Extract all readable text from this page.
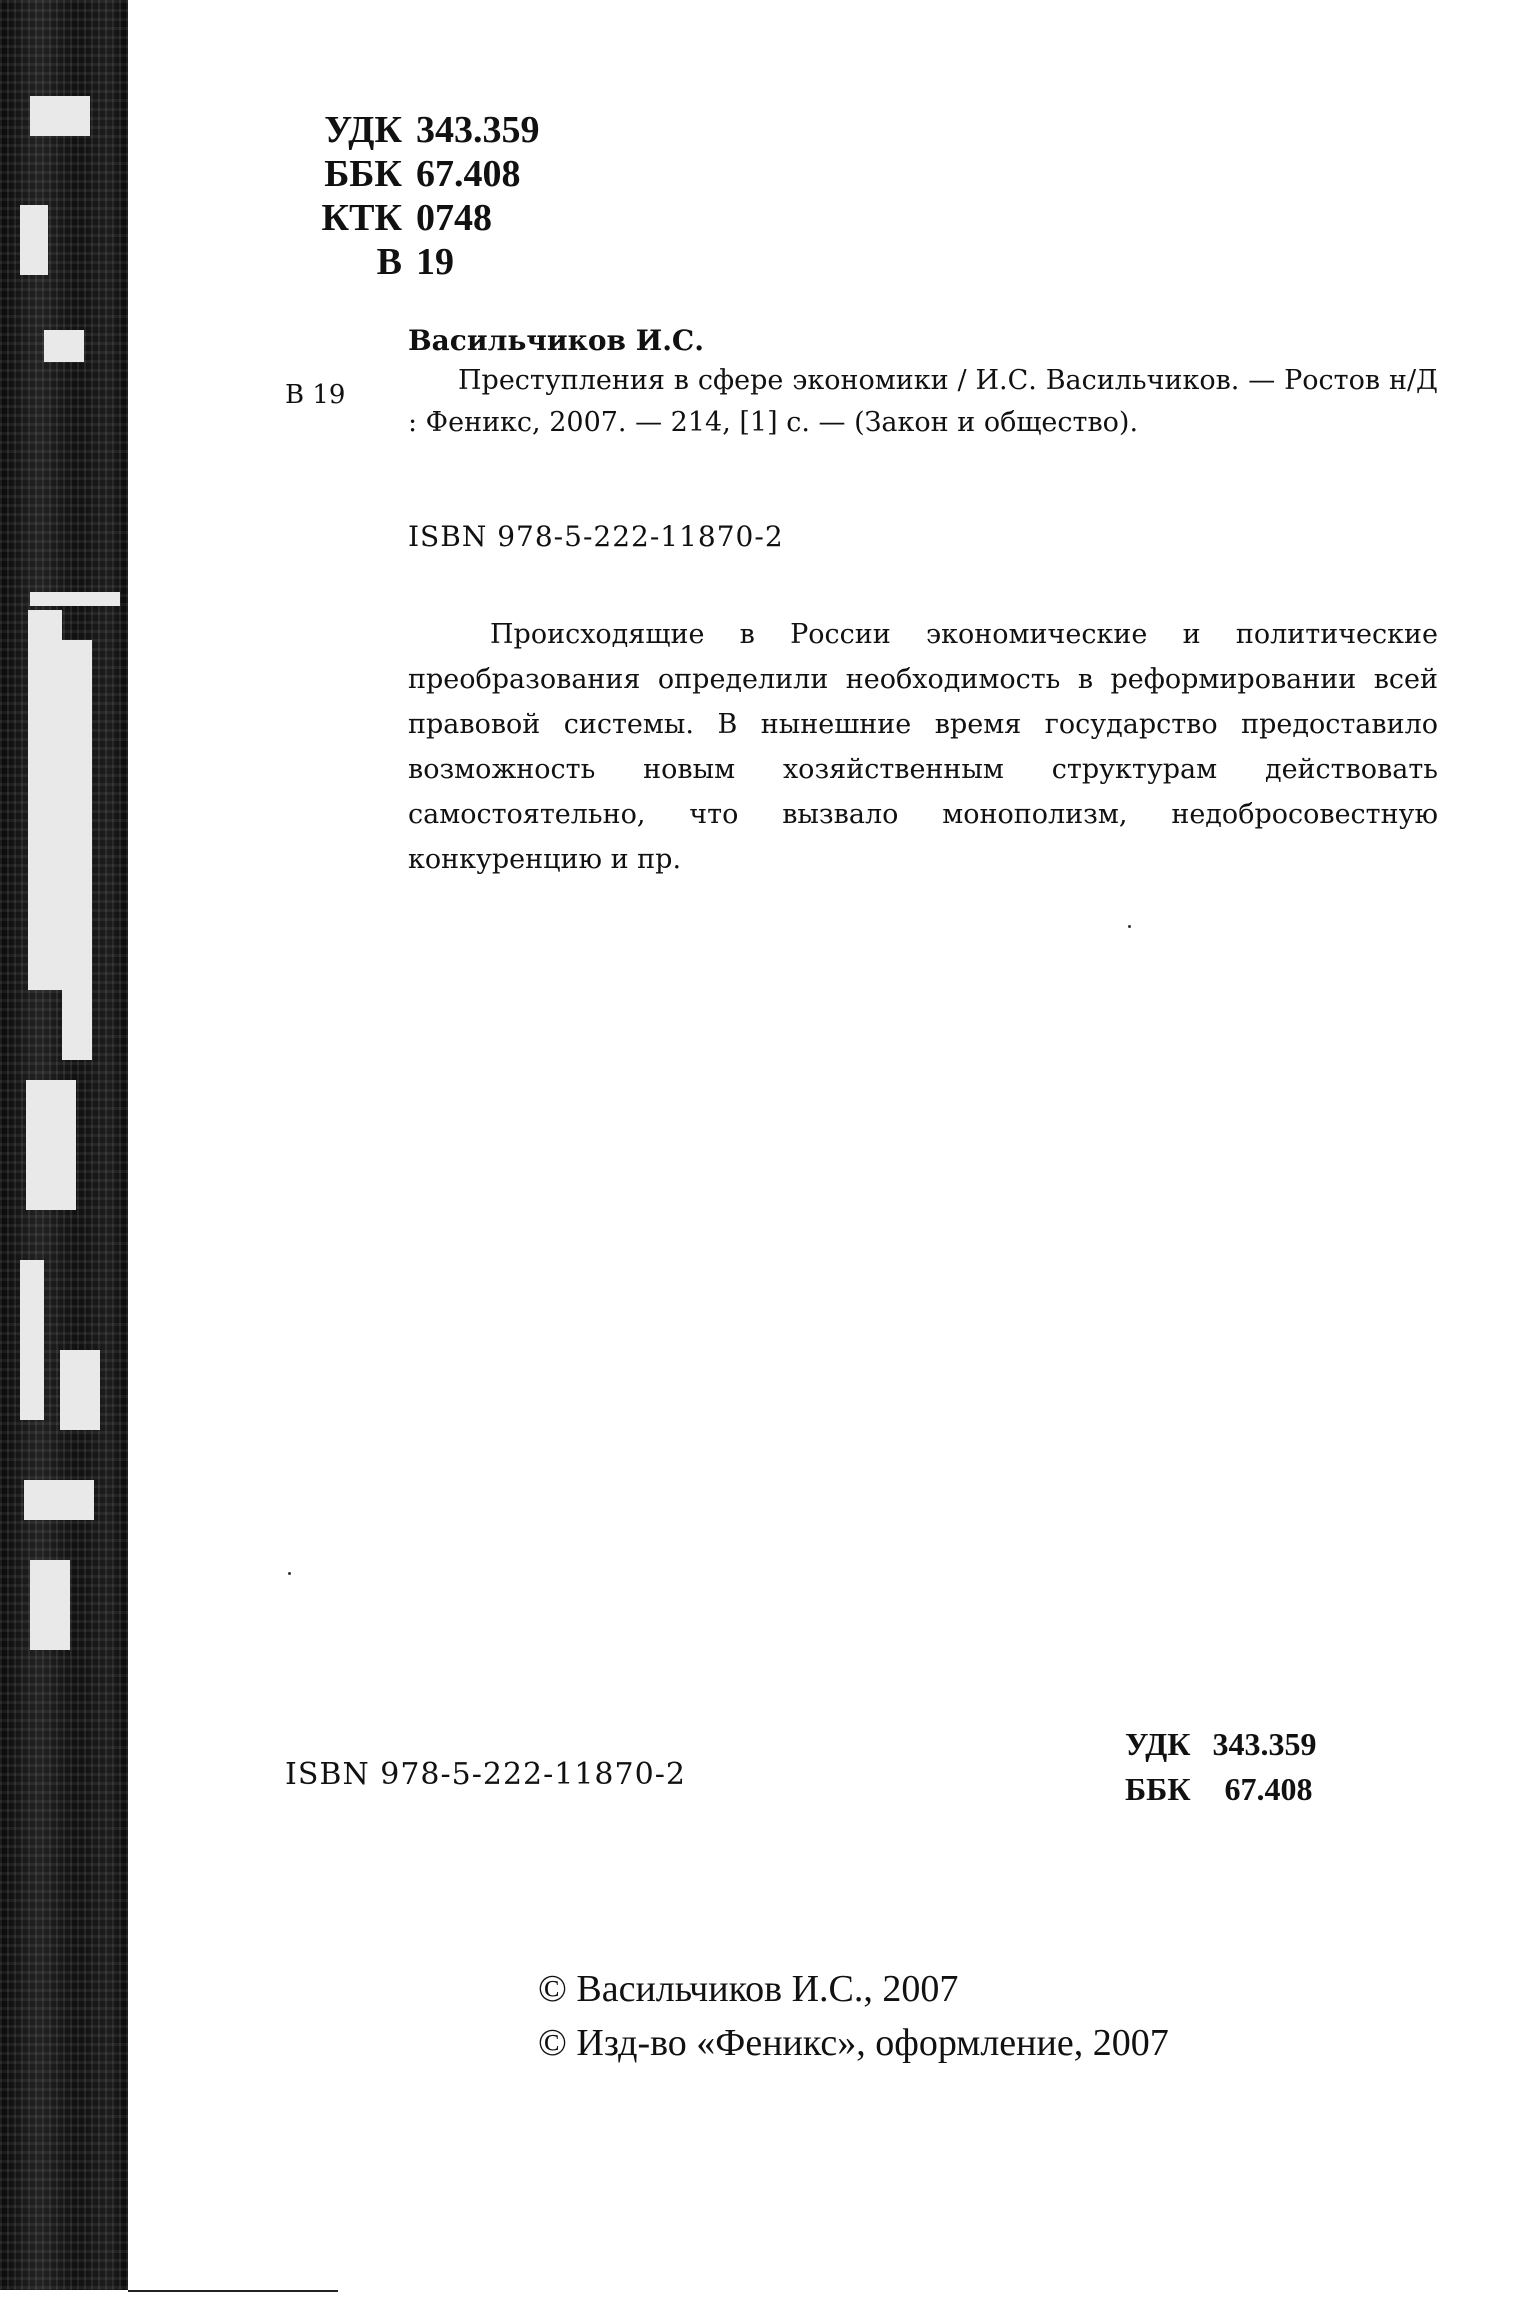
УДК 343.359
ББК 67.408
КТК 0748
В 19
Васильчиков И.С.
В 19	Преступления в сфере экономики / И.С. Васильчиков. — Ростов н/Д : Феникс, 2007. — 214, [1] с. — (Закон и общество).

ISBN 978-5-222-11870-2

Происходящие в России экономические и политические преобразования определили необходимость в реформировании всей правовой системы. В нынешние время государство предоставило возможность новым хозяйственным структурам действовать самостоятельно, что вызвало монополизм, недобросовестную конкуренцию и пр.

ISBN 978-5-222-11870-2
УДК 343.359
ББК 67.408
© Васильчиков И.С., 2007
© Изд-во «Феникс», оформление, 2007
